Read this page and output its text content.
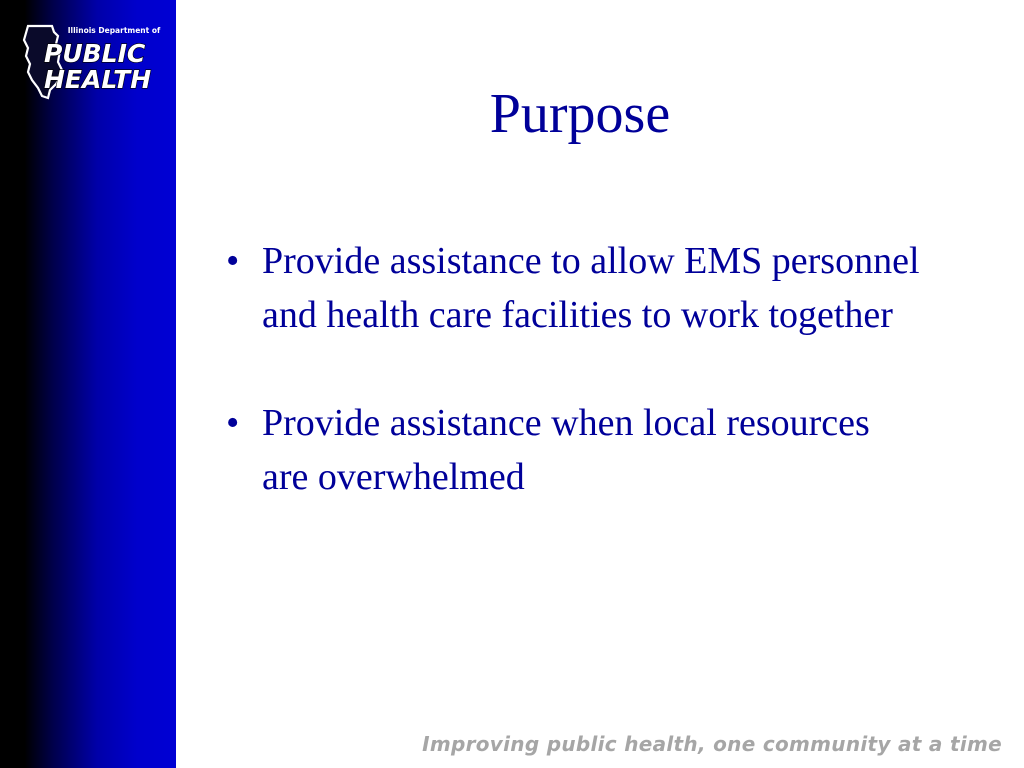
Illinois Department of
PUBLIC
HEALTH
Purpose
• Provide assistance to allow EMS personnel and health care facilities to work together
• Provide assistance when local resources are overwhelmed
Improving public health, one community at a time
